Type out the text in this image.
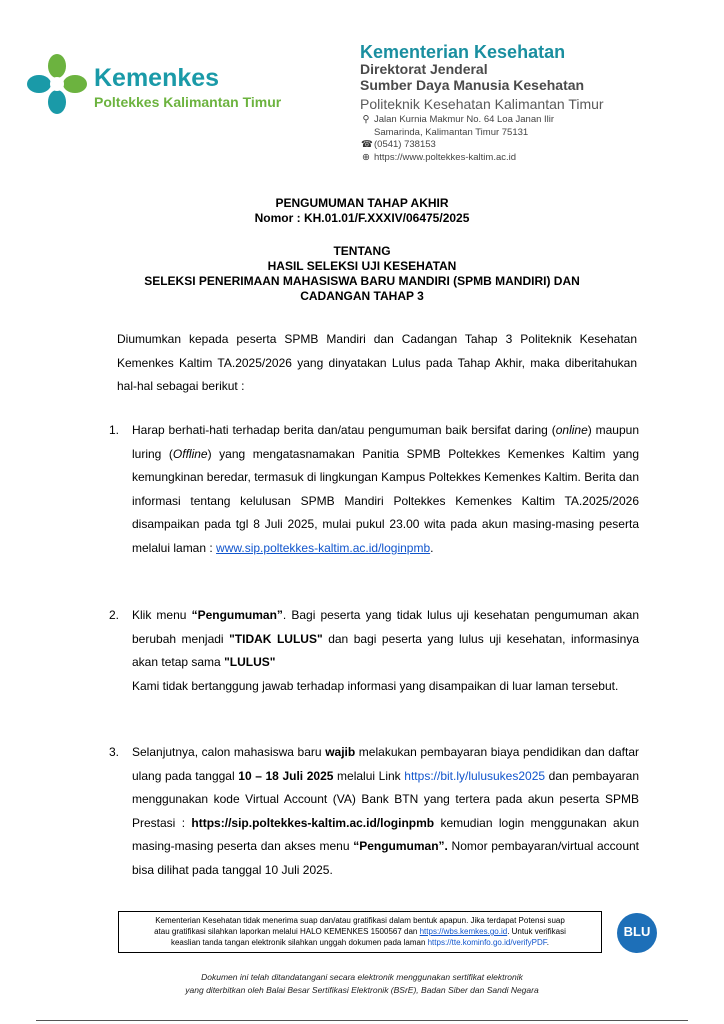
Kemenkes
Poltekkes Kalimantan Timur
Kementerian Kesehatan
Direktorat Jenderal
Sumber Daya Manusia Kesehatan
Politeknik Kesehatan Kalimantan Timur
⚲ Jalan Kurnia Makmur No. 64 Loa Janan Ilir
Samarinda, Kalimantan Timur 75131
☎ (0541) 738153
⊕ https://www.poltekkes-kaltim.ac.id
PENGUMUMAN TAHAP AKHIR
Nomor : KH.01.01/F.XXXIV/06475/2025
TENTANG
HASIL SELEKSI UJI KESEHATAN
SELEKSI PENERIMAAN MAHASISWA BARU MANDIRI (SPMB MANDIRI) DAN
CADANGAN TAHAP 3
Diumumkan kepada peserta SPMB Mandiri dan Cadangan Tahap 3 Politeknik Kesehatan Kemenkes Kaltim TA.2025/2026 yang dinyatakan Lulus pada Tahap Akhir, maka diberitahukan hal-hal sebagai berikut :
1. Harap berhati-hati terhadap berita dan/atau pengumuman baik bersifat daring (online) maupun luring (Offline) yang mengatasnamakan Panitia SPMB Poltekkes Kemenkes Kaltim yang kemungkinan beredar, termasuk di lingkungan Kampus Poltekkes Kemenkes Kaltim. Berita dan informasi tentang kelulusan SPMB Mandiri Poltekkes Kemenkes Kaltim TA.2025/2026 disampaikan pada tgl 8 Juli 2025, mulai pukul 23.00 wita pada akun masing-masing peserta melalui laman : www.sip.poltekkes-kaltim.ac.id/loginpmb.
2. Klik menu “Pengumuman”. Bagi peserta yang tidak lulus uji kesehatan pengumuman akan berubah menjadi "TIDAK LULUS" dan bagi peserta yang lulus uji kesehatan, informasinya akan tetap sama "LULUS"

Kami tidak bertanggung jawab terhadap informasi yang disampaikan di luar laman tersebut.

3. Selanjutnya, calon mahasiswa baru wajib melakukan pembayaran biaya pendidikan dan daftar ulang pada tanggal 10 – 18 Juli 2025 melalui Link https://bit.ly/lulusukes2025 dan pembayaran menggunakan kode Virtual Account (VA) Bank BTN yang tertera pada akun peserta SPMB Prestasi : https://sip.poltekkes-kaltim.ac.id/loginpmb kemudian login menggunakan akun masing-masing peserta dan akses menu “Pengumuman”. Nomor pembayaran/virtual account bisa dilihat pada tanggal 10 Juli 2025.
Kementerian Kesehatan tidak menerima suap dan/atau gratifikasi dalam bentuk apapun. Jika terdapat Potensi suap
atau gratifikasi silahkan laporkan melalui HALO KEMENKES 1500567 dan https://wbs.kemkes.go.id. Untuk verifikasi
keaslian tanda tangan elektronik silahkan unggah dokumen pada laman https://tte.kominfo.go.id/verifyPDF.
BLU
Dokumen ini telah ditandatangani secara elektronik menggunakan sertifikat elektronik
yang diterbitkan oleh Balai Besar Sertifikasi Elektronik (BSrE), Badan Siber dan Sandi Negara
